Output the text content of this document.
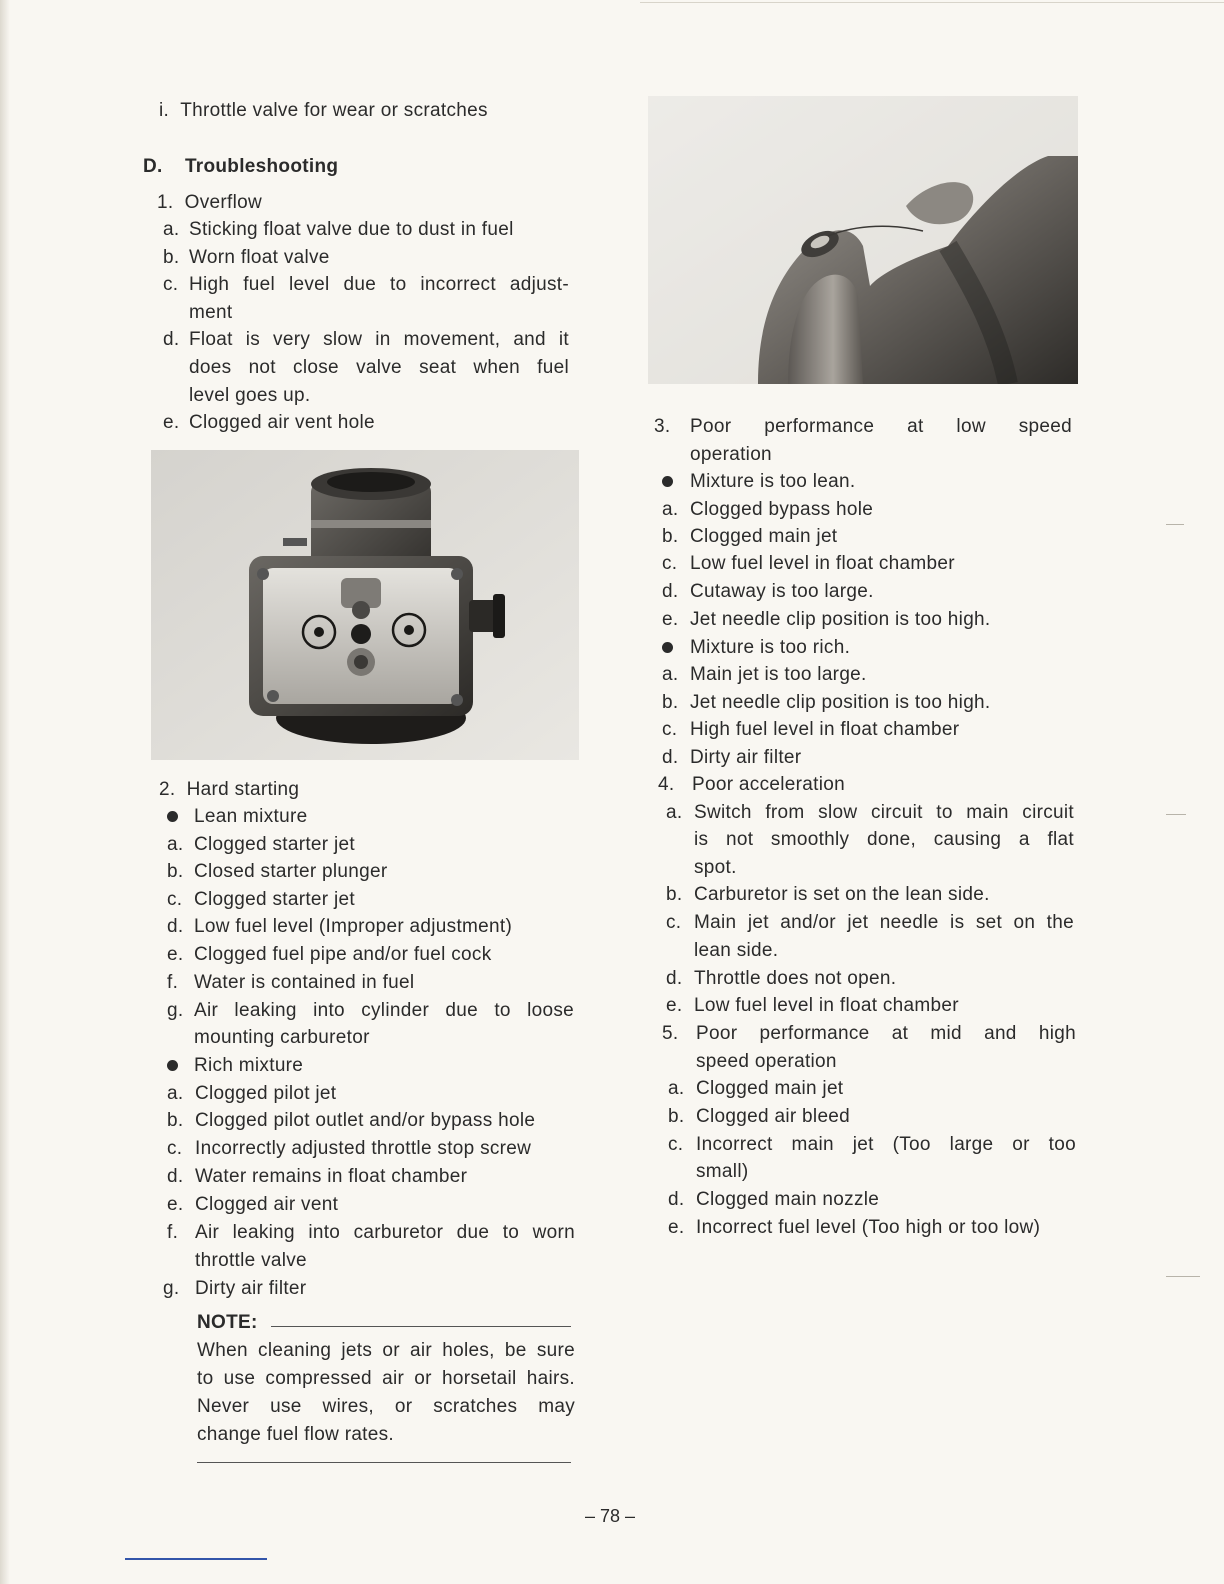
i. Throttle valve for wear or scratches
D. Troubleshooting
1. Overflow
a. Sticking float valve due to dust in fuel
b. Worn float valve
c. High fuel level due to incorrect adjust-
ment
d. Float is very slow in movement, and it
does not close valve seat when fuel
level goes up.
e. Clogged air vent hole
2. Hard starting
Lean mixture
a. Clogged starter jet
b. Closed starter plunger
c. Clogged starter jet
d. Low fuel level (Improper adjustment)
e. Clogged fuel pipe and/or fuel cock
f. Water is contained in fuel
g. Air leaking into cylinder due to loose
mounting carburetor
Rich mixture
a. Clogged pilot jet
b. Clogged pilot outlet and/or bypass hole
c. Incorrectly adjusted throttle stop screw
d. Water remains in float chamber
e. Clogged air vent
f. Air leaking into carburetor due to worn
throttle valve
g. Dirty air filter
NOTE:
When cleaning jets or air holes, be sure
to use compressed air or horsetail hairs.
Never use wires, or scratches may
change fuel flow rates.
3. Poor performance at low speed
operation
Mixture is too lean.
a. Clogged bypass hole
b. Clogged main jet
c. Low fuel level in float chamber
d. Cutaway is too large.
e. Jet needle clip position is too high.
Mixture is too rich.
a. Main jet is too large.
b. Jet needle clip position is too high.
c. High fuel level in float chamber
d. Dirty air filter
4. Poor acceleration
a. Switch from slow circuit to main circuit
is not smoothly done, causing a flat
spot.
b. Carburetor is set on the lean side.
c. Main jet and/or jet needle is set on the
lean side.
d. Throttle does not open.
e. Low fuel level in float chamber
5. Poor performance at mid and high
speed operation
a. Clogged main jet
b. Clogged air bleed
c. Incorrect main jet (Too large or too
small)
d. Clogged main nozzle
e. Incorrect fuel level (Too high or too low)
– 78 –
